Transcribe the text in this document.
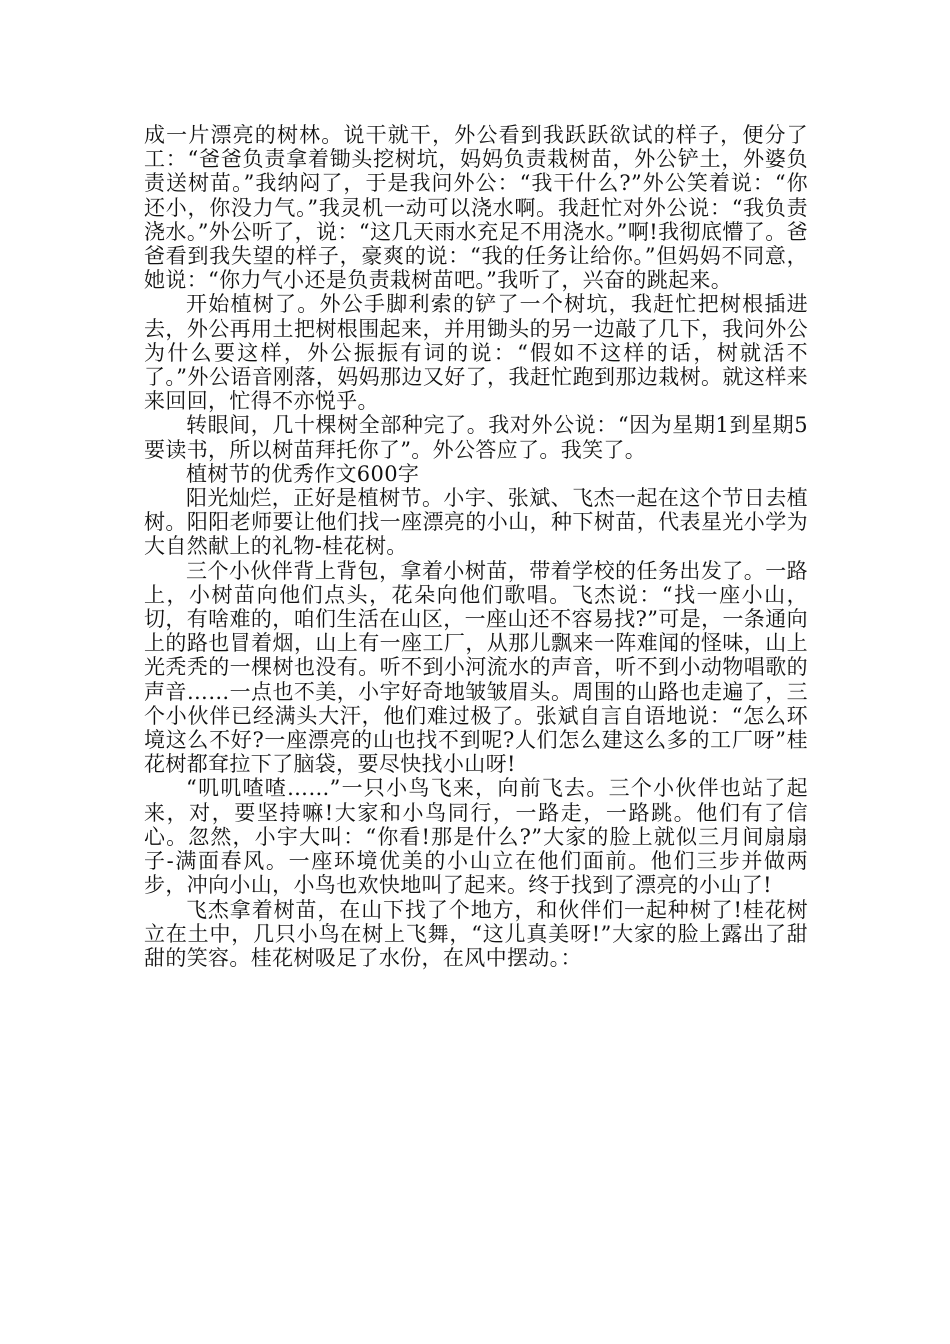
成一片漂亮的树林。说干就干，外公看到我跃跃欲试的样子，便分了工：“爸爸负责拿着锄头挖树坑，妈妈负责栽树苗，外公铲土，外婆负责送树苗。”我纳闷了，于是我问外公：“我干什么?”外公笑着说：“你还小，你没力气。”我灵机一动可以浇水啊。我赶忙对外公说：“我负责浇水。”外公听了，说：“这几天雨水充足不用浇水。”啊!我彻底懵了。爸爸看到我失望的样子，豪爽的说：“我的任务让给你。”但妈妈不同意，她说：“你力气小还是负责栽树苗吧。”我听了，兴奋的跳起来。

开始植树了。外公手脚利索的铲了一个树坑，我赶忙把树根插进去，外公再用土把树根围起来，并用锄头的另一边敲了几下，我问外公为什么要这样，外公振振有词的说：“假如不这样的话，树就活不了。”外公语音刚落，妈妈那边又好了，我赶忙跑到那边栽树。就这样来来回回，忙得不亦悦乎。

转眼间，几十棵树全部种完了。我对外公说：“因为星期1到星期5要读书，所以树苗拜托你了”。外公答应了。我笑了。

植树节的优秀作文600字

阳光灿烂，正好是植树节。小宇、张斌、飞杰一起在这个节日去植树。阳阳老师要让他们找一座漂亮的小山，种下树苗，代表星光小学为大自然献上的礼物-桂花树。

三个小伙伴背上背包，拿着小树苗，带着学校的任务出发了。一路上，小树苗向他们点头，花朵向他们歌唱。飞杰说：“找一座小山，切，有啥难的，咱们生活在山区，一座山还不容易找?”可是，一条通向上的路也冒着烟，山上有一座工厂，从那儿飘来一阵难闻的怪味，山上光秃秃的一棵树也没有。听不到小河流水的声音，听不到小动物唱歌的声音……一点也不美，小宇好奇地皱皱眉头。周围的山路也走遍了，三个小伙伴已经满头大汗，他们难过极了。张斌自言自语地说：“怎么环境这么不好?一座漂亮的山也找不到呢?人们怎么建这么多的工厂呀”桂花树都耷拉下了脑袋，要尽快找小山呀!

“叽叽喳喳……”一只小鸟飞来，向前飞去。三个小伙伴也站了起来，对，要坚持嘛!大家和小鸟同行，一路走，一路跳。他们有了信心。忽然，小宇大叫：“你看!那是什么?”大家的脸上就似三月间扇扇子-满面春风。一座环境优美的小山立在他们面前。他们三步并做两步，冲向小山，小鸟也欢快地叫了起来。终于找到了漂亮的小山了!

飞杰拿着树苗，在山下找了个地方，和伙伴们一起种树了!桂花树立在土中，几只小鸟在树上飞舞，“这儿真美呀!”大家的脸上露出了甜甜的笑容。桂花树吸足了水份，在风中摆动。：
